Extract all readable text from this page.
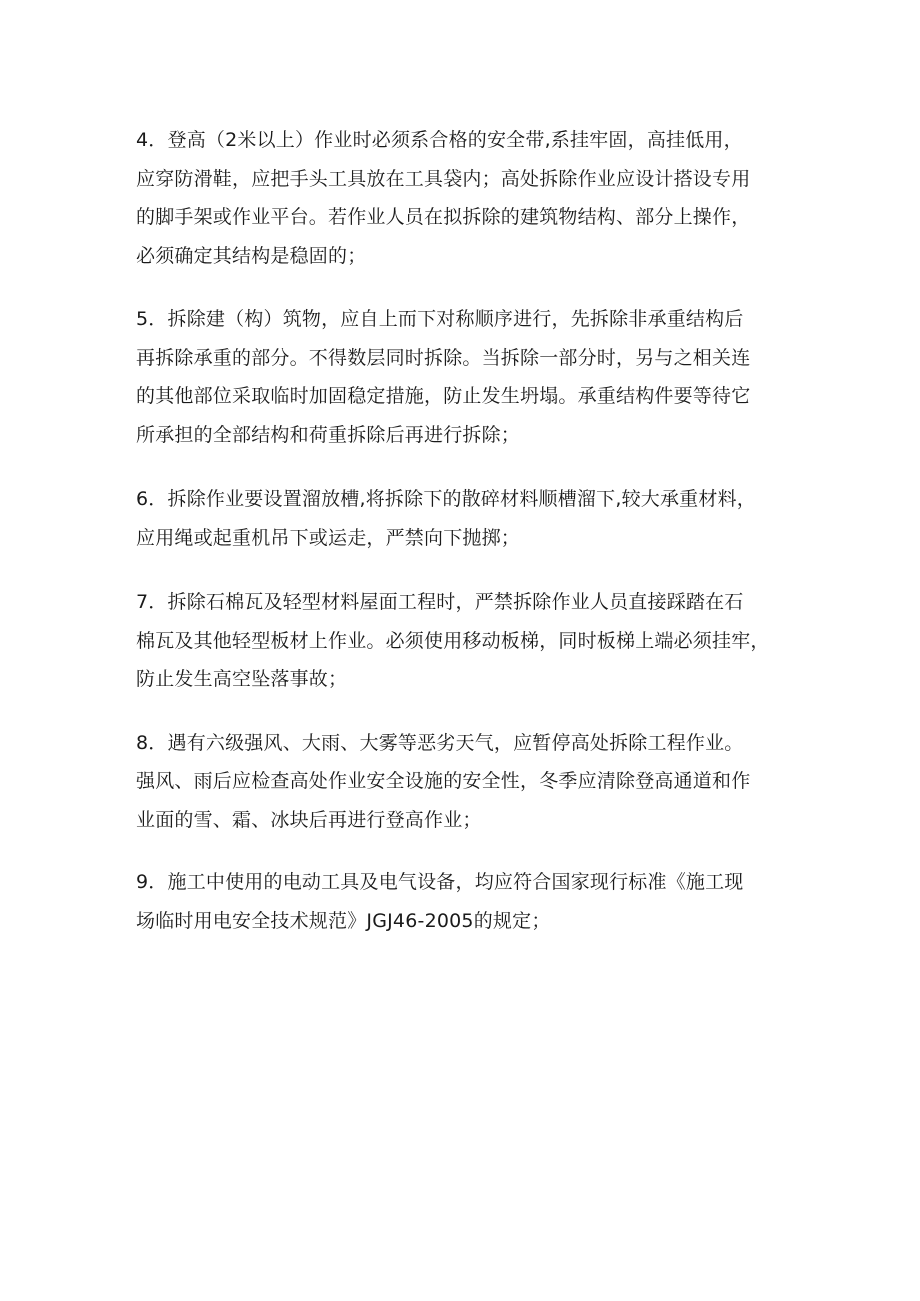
4．登高（2米以上）作业时必须系合格的安全带,系挂牢固，高挂低用，
应穿防滑鞋，应把手头工具放在工具袋内；高处拆除作业应设计搭设专用
的脚手架或作业平台。若作业人员在拟拆除的建筑物结构、部分上操作，
必须确定其结构是稳固的；
5．拆除建（构）筑物，应自上而下对称顺序进行，先拆除非承重结构后
再拆除承重的部分。不得数层同时拆除。当拆除一部分时，另与之相关连
的其他部位采取临时加固稳定措施，防止发生坍塌。承重结构件要等待它
所承担的全部结构和荷重拆除后再进行拆除；
6．拆除作业要设置溜放槽,将拆除下的散碎材料顺槽溜下,较大承重材料，
应用绳或起重机吊下或运走，严禁向下抛掷；
7．拆除石棉瓦及轻型材料屋面工程时，严禁拆除作业人员直接踩踏在石
棉瓦及其他轻型板材上作业。必须使用移动板梯，同时板梯上端必须挂牢，
防止发生高空坠落事故；
8．遇有六级强风、大雨、大雾等恶劣天气，应暂停高处拆除工程作业。
强风、雨后应检查高处作业安全设施的安全性，冬季应清除登高通道和作
业面的雪、霜、冰块后再进行登高作业；
9．施工中使用的电动工具及电气设备，均应符合国家现行标准《施工现
场临时用电安全技术规范》JGJ46-2005的规定；
